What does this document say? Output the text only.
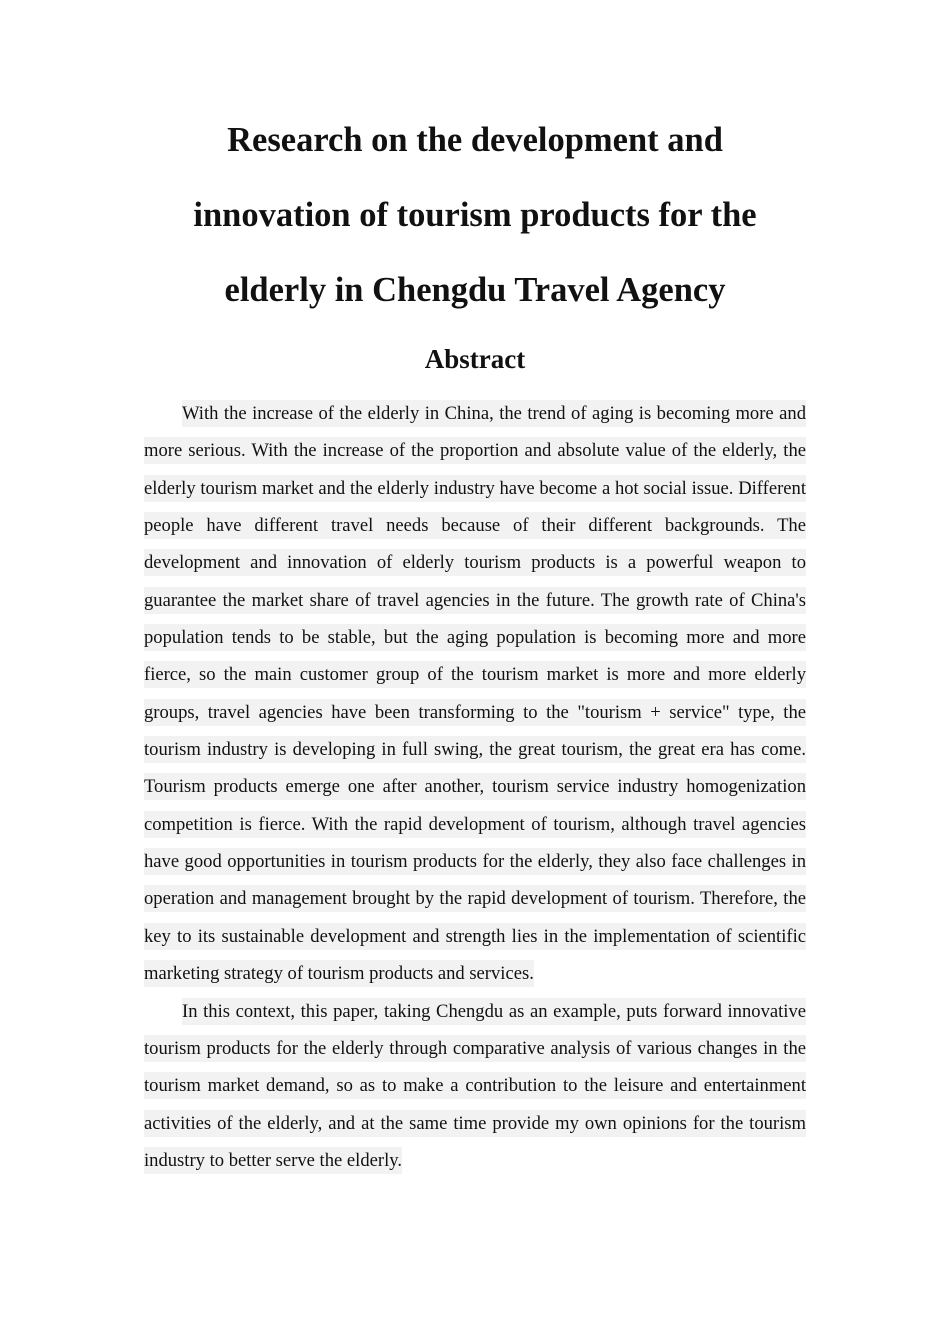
Research on the development and innovation of tourism products for the elderly in Chengdu Travel Agency
Abstract

With the increase of the elderly in China, the trend of aging is becoming more and more serious. With the increase of the proportion and absolute value of the elderly, the elderly tourism market and the elderly industry have become a hot social issue. Different people have different travel needs because of their different backgrounds. The development and innovation of elderly tourism products is a powerful weapon to guarantee the market share of travel agencies in the future. The growth rate of China's population tends to be stable, but the aging population is becoming more and more fierce, so the main customer group of the tourism market is more and more elderly groups, travel agencies have been transforming to the "tourism + service" type, the tourism industry is developing in full swing, the great tourism, the great era has come. Tourism products emerge one after another, tourism service industry homogenization competition is fierce. With the rapid development of tourism, although travel agencies have good opportunities in tourism products for the elderly, they also face challenges in operation and management brought by the rapid development of tourism. Therefore, the key to its sustainable development and strength lies in the implementation of scientific marketing strategy of tourism products and services.

In this context, this paper, taking Chengdu as an example, puts forward innovative tourism products for the elderly through comparative analysis of various changes in the tourism market demand, so as to make a contribution to the leisure and entertainment activities of the elderly, and at the same time provide my own opinions for the tourism industry to better serve the elderly.
